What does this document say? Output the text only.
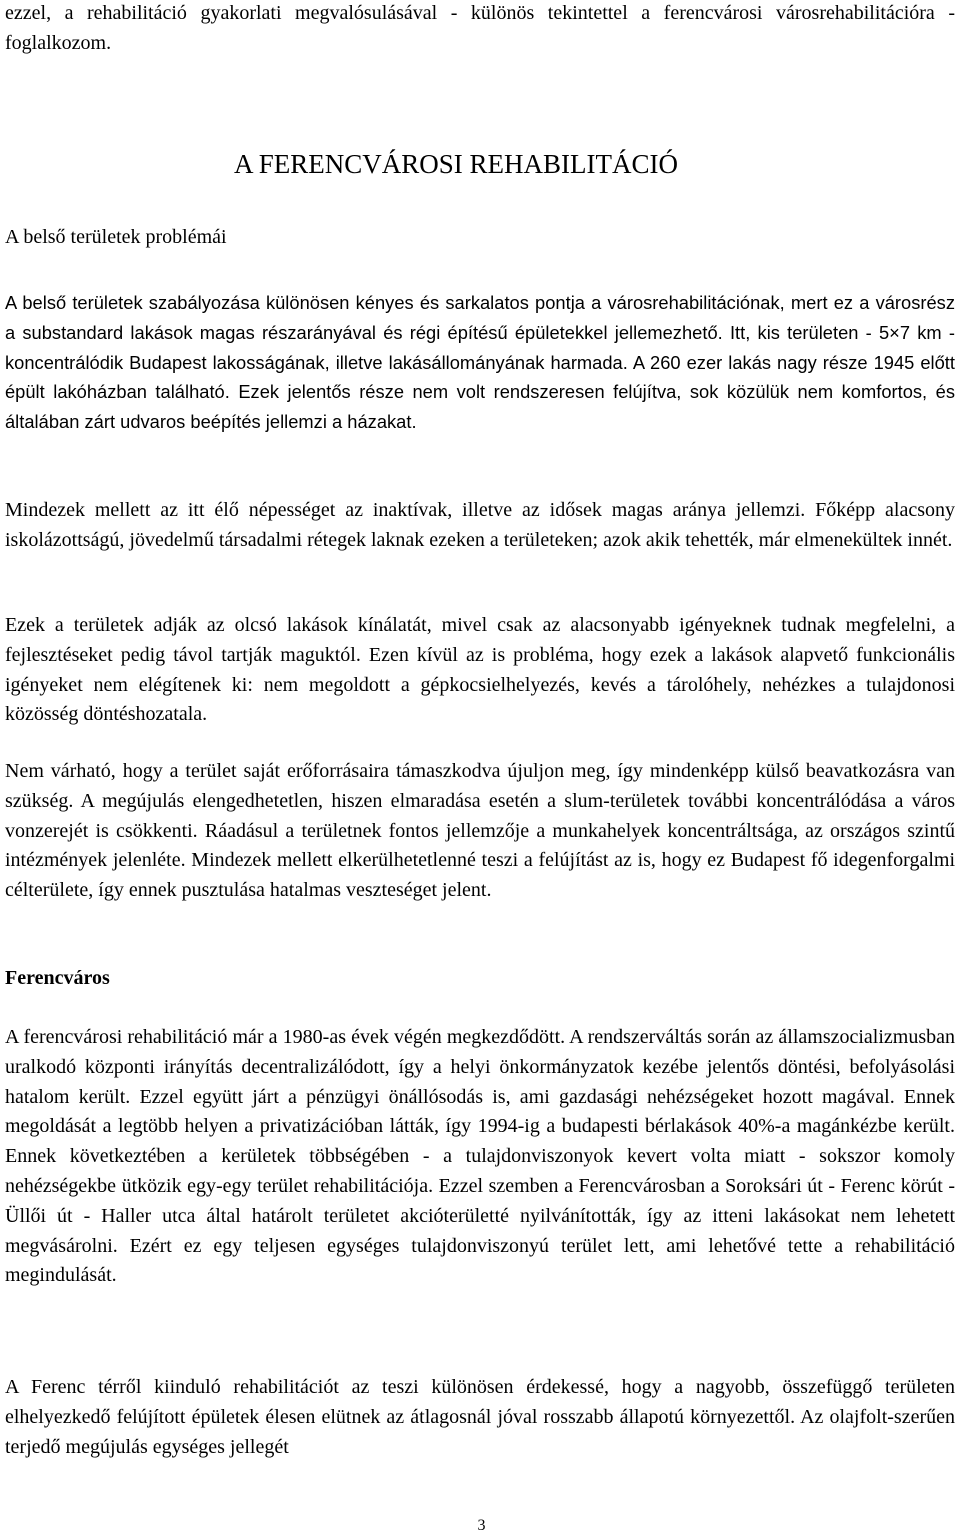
ezzel, a rehabilitáció gyakorlati megvalósulásával - különös tekintettel a ferencvárosi városrehabilitációra - foglalkozom.

A FERENCVÁROSI REHABILITÁCIÓ
A belső területek problémái

A belső területek szabályozása különösen kényes és sarkalatos pontja a városrehabilitációnak, mert ez a városrész a substandard lakások magas részarányával és régi építésű épületekkel jellemezhető. Itt, kis területen - 5×7 km - koncentrálódik Budapest lakosságának, illetve lakásállományának harmada. A 260 ezer lakás nagy része 1945 előtt épült lakóházban található. Ezek jelentős része nem volt rendszeresen felújítva, sok közülük nem komfortos, és általában zárt udvaros beépítés jellemzi a házakat.

Mindezek mellett az itt élő népességet az inaktívak, illetve az idősek magas aránya jellemzi. Főképp alacsony iskolázottságú, jövedelmű társadalmi rétegek laknak ezeken a területeken; azok akik tehették, már elmenekültek innét.

Ezek a területek adják az olcsó lakások kínálatát, mivel csak az alacsonyabb igényeknek tudnak megfelelni, a fejlesztéseket pedig távol tartják maguktól. Ezen kívül az is probléma, hogy ezek a lakások alapvető funkcionális igényeket nem elégítenek ki: nem megoldott a gépkocsielhelyezés, kevés a tárolóhely, nehézkes a tulajdonosi közösség döntéshozatala.

Nem várható, hogy a terület saját erőforrásaira támaszkodva újuljon meg, így mindenképp külső beavatkozásra van szükség. A megújulás elengedhetetlen, hiszen elmaradása esetén a slum-területek további koncentrálódása a város vonzerejét is csökkenti. Ráadásul a területnek fontos jellemzője a munkahelyek koncentráltsága, az országos szintű intézmények jelenléte. Mindezek mellett elkerülhetetlenné teszi a felújítást az is, hogy ez Budapest fő idegenforgalmi célterülete, így ennek pusztulása hatalmas veszteséget jelent.

Ferencváros

A ferencvárosi rehabilitáció már a 1980-as évek végén megkezdődött. A rendszerváltás során az államszocializmusban uralkodó központi irányítás decentralizálódott, így a helyi önkormányzatok kezébe jelentős döntési, befolyásolási hatalom került. Ezzel együtt járt a pénzügyi önállósodás is, ami gazdasági nehézségeket hozott magával. Ennek megoldását a legtöbb helyen a privatizációban látták, így 1994-ig a budapesti bérlakások 40%-a magánkézbe került. Ennek következtében a kerületek többségében - a tulajdonviszonyok kevert volta miatt - sokszor komoly nehézségekbe ütközik egy-egy terület rehabilitációja. Ezzel szemben a Ferencvárosban a Soroksári út - Ferenc körút - Üllői út - Haller utca által határolt területet akcióterületté nyilvánították, így az itteni lakásokat nem lehetett megvásárolni. Ezért ez egy teljesen egységes tulajdonviszonyú terület lett, ami lehetővé tette a rehabilitáció megindulását.

A Ferenc térről kiinduló rehabilitációt az teszi különösen érdekessé, hogy a nagyobb, összefüggő területen elhelyezkedő felújított épületek élesen elütnek az átlagosnál jóval rosszabb állapotú környezettől. Az olajfolt-szerűen terjedő megújulás egységes jellegét

3
